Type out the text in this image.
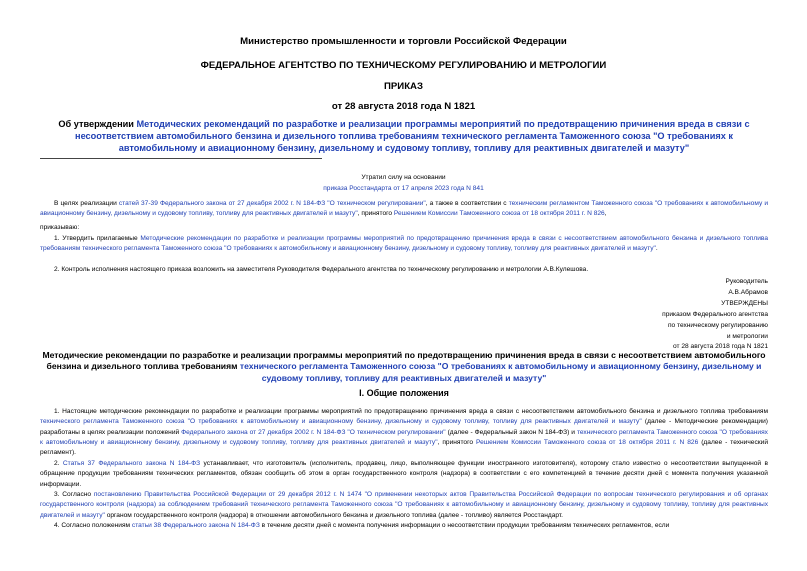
Министерство промышленности и торговли Российской Федерации
ФЕДЕРАЛЬНОЕ АГЕНТСТВО ПО ТЕХНИЧЕСКОМУ РЕГУЛИРОВАНИЮ И МЕТРОЛОГИИ
ПРИКАЗ
от 28 августа 2018 года N 1821
Об утверждении Методических рекомендаций по разработке и реализации программы мероприятий по предотвращению причинения вреда в связи с несоответствием автомобильного бензина и дизельного топлива требованиям технического регламента Таможенного союза "О требованиях к автомобильному и авиационному бензину, дизельному и судовому топливу, топливу для реактивных двигателей и мазуту"
Утратил силу на основании
приказа Росстандарта от 17 апреля 2023 года N 841
В целях реализации статей 37-39 Федерального закона от 27 декабря 2002 г. N 184-ФЗ "О техническом регулировании", а также в соответствии с техническим регламентом Таможенного союза "О требованиях к автомобильному и авиационному бензину, дизельному и судовому топливу, топливу для реактивных двигателей и мазуту", принятого Решением Комиссии Таможенного союза от 18 октября 2011 г. N 826,
приказываю:
1. Утвердить прилагаемые Методические рекомендации по разработке и реализации программы мероприятий по предотвращению причинения вреда в связи с несоответствием автомобильного бензина и дизельного топлива требованиям технического регламента Таможенного союза "О требованиях к автомобильному и авиационному бензину, дизельному и судовому топливу, топливу для реактивных двигателей и мазуту".
2. Контроль исполнения настоящего приказа возложить на заместителя Руководителя Федерального агентства по техническому регулированию и метрологии А.В.Кулешова.
Руководитель
А.В.Абрамов
УТВЕРЖДЕНЫ
приказом Федерального агентства
по техническому регулированию
и метрологии
от 28 августа 2018 года N 1821
Методические рекомендации по разработке и реализации программы мероприятий по предотвращению причинения вреда в связи с несоответствием автомобильного бензина и дизельного топлива требованиям технического регламента Таможенного союза "О требованиях к автомобильному и авиационному бензину, дизельному и судовому топливу, топливу для реактивных двигателей и мазуту"
I. Общие положения
1. Настоящие методические рекомендации по разработке и реализации программы мероприятий по предотвращению причинения вреда в связи с несоответствием автомобильного бензина и дизельного топлива требованиям технического регламента Таможенного союза "О требованиях к автомобильному и авиационному бензину, дизельному и судовому топливу, топливу для реактивных двигателей и мазуту" (далее - Методические рекомендации) разработаны в целях реализации положений Федерального закона от 27 декабря 2002 г. N 184-ФЗ "О техническом регулировании" (далее - Федеральный закон N 184-ФЗ) и технического регламента Таможенного союза "О требованиях к автомобильному и авиационному бензину, дизельному и судовому топливу, топливу для реактивных двигателей и мазуту", принятого Решением Комиссии Таможенного союза от 18 октября 2011 г. N 826 (далее - технический регламент).
2. Статья 37 Федерального закона N 184-ФЗ устанавливает, что изготовитель (исполнитель, продавец, лицо, выполняющее функции иностранного изготовителя), которому стало известно о несоответствии выпущенной в обращение продукции требованиям технических регламентов, обязан сообщить об этом в орган государственного контроля (надзора) в соответствии с его компетенцией в течение десяти дней с момента получения указанной информации.
3. Согласно постановлению Правительства Российской Федерации от 29 декабря 2012 г. N 1474 "О применении некоторых актов Правительства Российской Федерации по вопросам технического регулирования и об органах государственного контроля (надзора) за соблюдением требований технического регламента Таможенного союза "О требованиях к автомобильному и авиационному бензину, дизельному и судовому топливу, топливу для реактивных двигателей и мазуту" органом государственного контроля (надзора) в отношении автомобильного бензина и дизельного топлива (далее - топливо) является Росстандарт.
4. Согласно положениям статьи 38 Федерального закона N 184-ФЗ в течение десяти дней с момента получения информации о несоответствии продукции требованиям технических регламентов, если
